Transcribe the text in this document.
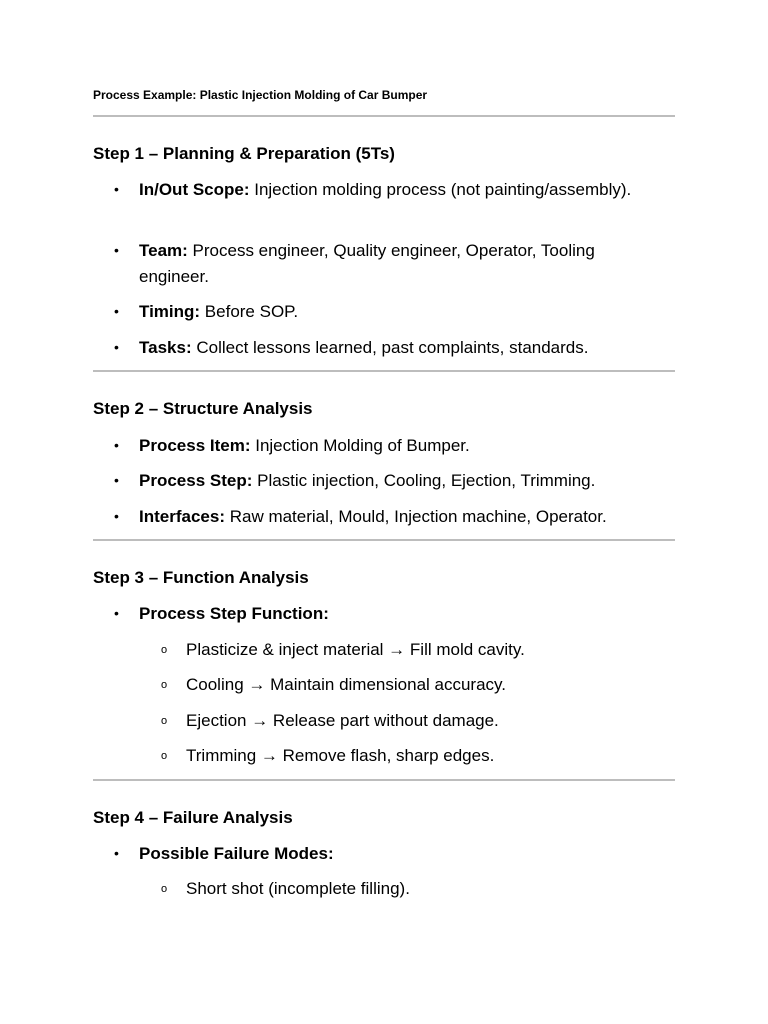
Process Example: Plastic Injection Molding of Car Bumper
Step 1 – Planning & Preparation (5Ts)
• In/Out Scope: Injection molding process (not painting/assembly).
• Team: Process engineer, Quality engineer, Operator, Tooling engineer.
• Timing: Before SOP.
• Tasks: Collect lessons learned, past complaints, standards.
Step 2 – Structure Analysis
• Process Item: Injection Molding of Bumper.
• Process Step: Plastic injection, Cooling, Ejection, Trimming.
• Interfaces: Raw material, Mould, Injection machine, Operator.
Step 3 – Function Analysis
• Process Step Function:
o Plasticize & inject material → Fill mold cavity.
o Cooling → Maintain dimensional accuracy.
o Ejection → Release part without damage.
o Trimming → Remove flash, sharp edges.
Step 4 – Failure Analysis
• Possible Failure Modes:
o Short shot (incomplete filling).
